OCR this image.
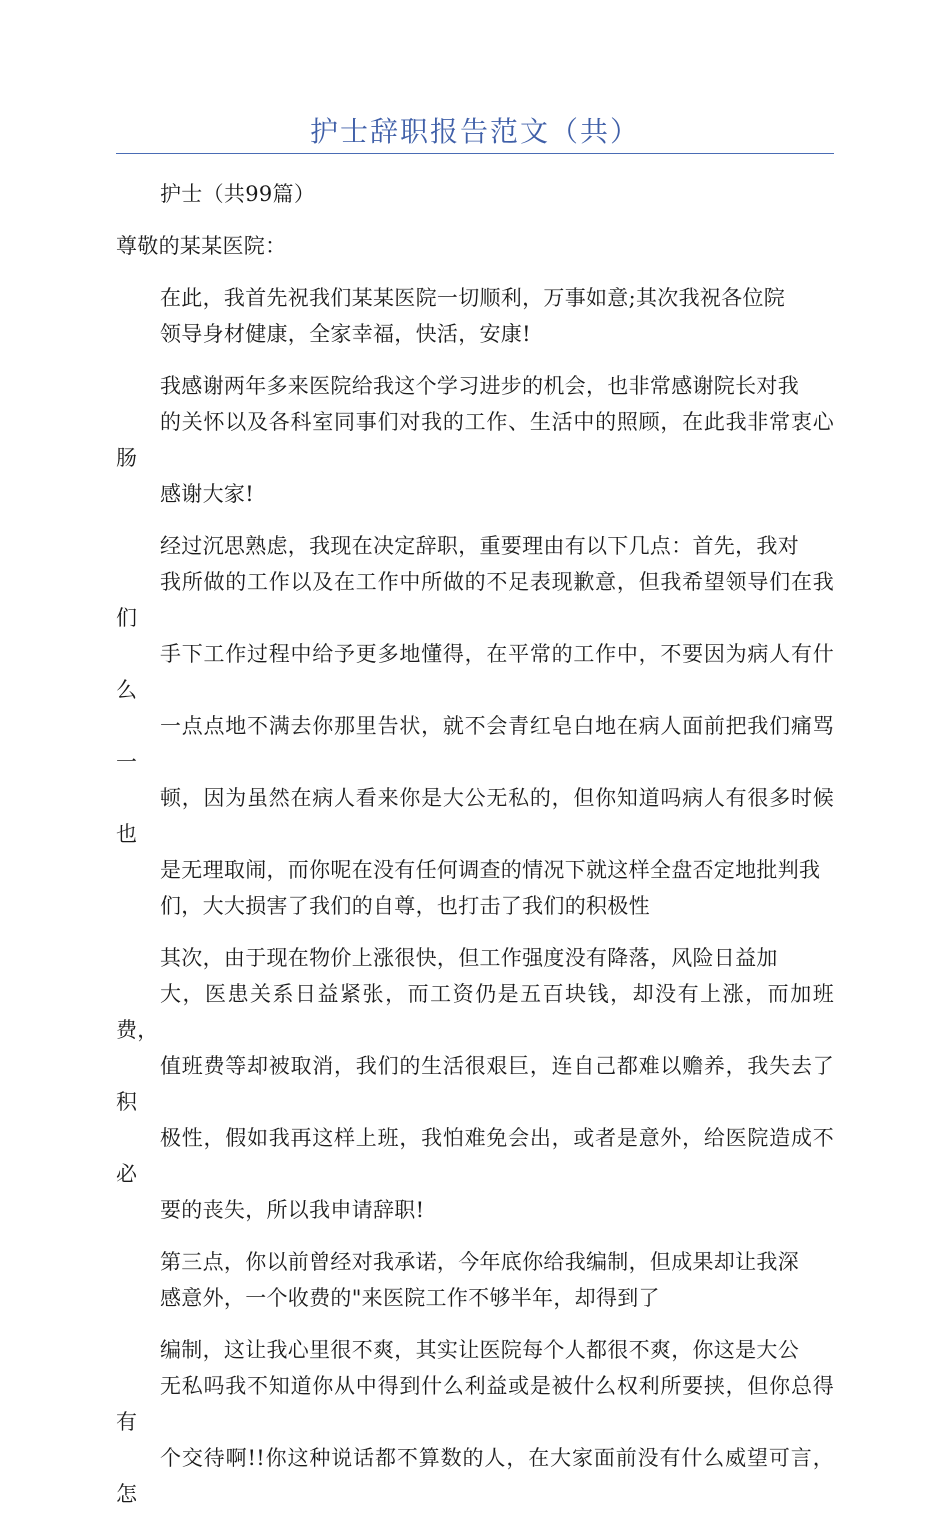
护士辞职报告范文（共）

护士（共99篇）

尊敬的某某医院：

在此，我首先祝我们某某医院一切顺利，万事如意;其次我祝各位院
领导身材健康，全家幸福，快活，安康!

我感谢两年多来医院给我这个学习进步的机会，也非常感谢院长对我
的关怀以及各科室同事们对我的工作、生活中的照顾，在此我非常衷心肠
感谢大家!

经过沉思熟虑，我现在决定辞职，重要理由有以下几点：首先，我对
我所做的工作以及在工作中所做的不足表现歉意，但我希望领导们在我们
手下工作过程中给予更多地懂得，在平常的工作中，不要因为病人有什么
一点点地不满去你那里告状，就不会青红皂白地在病人面前把我们痛骂一
顿，因为虽然在病人看来你是大公无私的，但你知道吗病人有很多时候也
是无理取闹，而你呢在没有任何调查的情况下就这样全盘否定地批判我
们，大大损害了我们的自尊，也打击了我们的积极性

其次，由于现在物价上涨很快，但工作强度没有降落，风险日益加
大，医患关系日益紧张，而工资仍是五百块钱，却没有上涨，而加班费，
值班费等却被取消，我们的生活很艰巨，连自己都难以赡养，我失去了积
极性，假如我再这样上班，我怕难免会出，或者是意外，给医院造成不必
要的丧失，所以我申请辞职!

第三点，你以前曾经对我承诺，今年底你给我编制，但成果却让我深
感意外，一个收费的"来医院工作不够半年，却得到了

编制，这让我心里很不爽，其实让医院每个人都很不爽，你这是大公
无私吗我不知道你从中得到什么利益或是被什么权利所要挟，但你总得有
个交待啊!!你这种说话都不算数的人，在大家面前没有什么威望可言，怎
